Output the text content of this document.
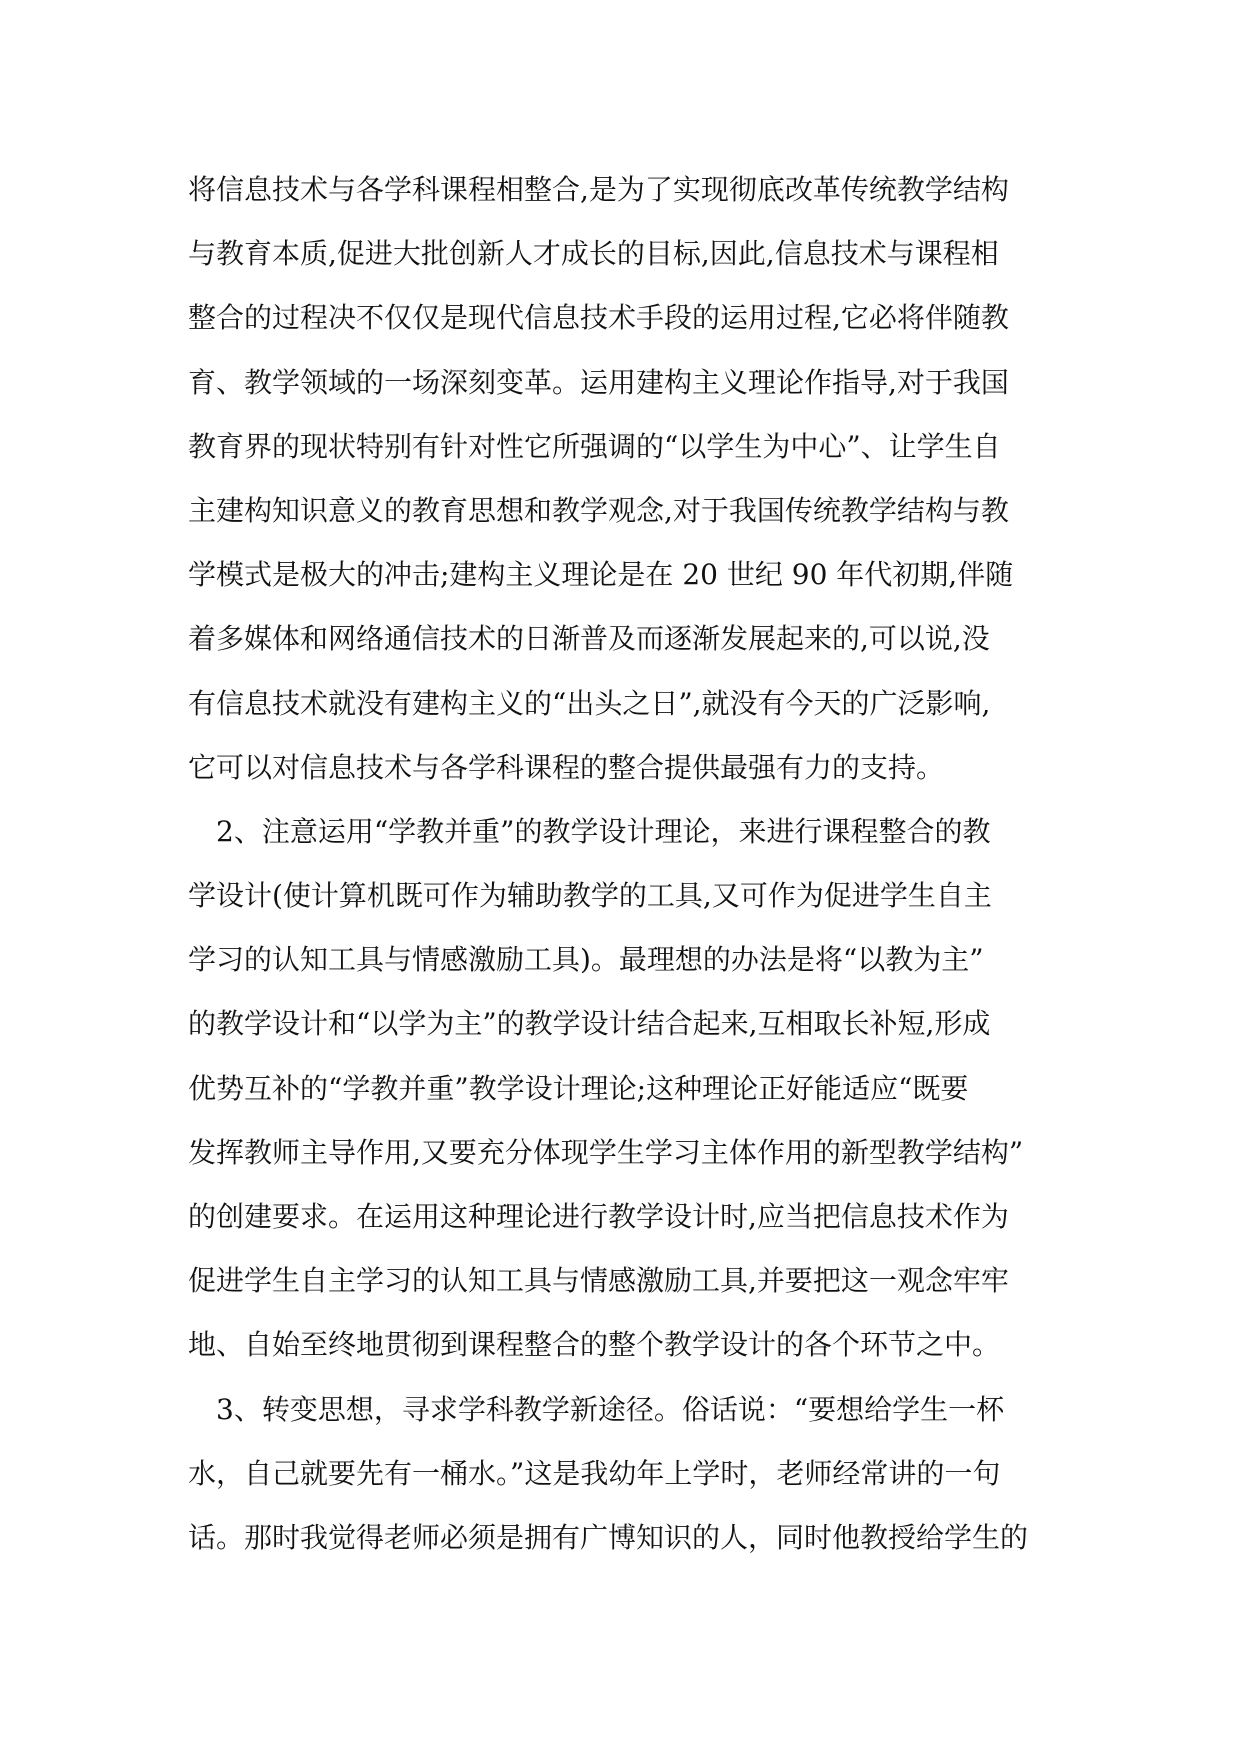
将信息技术与各学科课程相整合,是为了实现彻底改革传统教学结构
与教育本质,促进大批创新人才成长的目标,因此,信息技术与课程相
整合的过程决不仅仅是现代信息技术手段的运用过程,它必将伴随教
育、教学领域的一场深刻变革。运用建构主义理论作指导,对于我国
教育界的现状特别有针对性它所强调的“以学生为中心”、让学生自
主建构知识意义的教育思想和教学观念,对于我国传统教学结构与教
学模式是极大的冲击;建构主义理论是在 20 世纪 90 年代初期,伴随
着多媒体和网络通信技术的日渐普及而逐渐发展起来的,可以说,没
有信息技术就没有建构主义的“出头之日”,就没有今天的广泛影响,
它可以对信息技术与各学科课程的整合提供最强有力的支持。
　2、注意运用“学教并重”的教学设计理论，来进行课程整合的教
学设计(使计算机既可作为辅助教学的工具,又可作为促进学生自主
学习的认知工具与情感激励工具)。最理想的办法是将“以教为主”
的教学设计和“以学为主”的教学设计结合起来,互相取长补短,形成
优势互补的“学教并重”教学设计理论;这种理论正好能适应“既要
发挥教师主导作用,又要充分体现学生学习主体作用的新型教学结构”
的创建要求。在运用这种理论进行教学设计时,应当把信息技术作为
促进学生自主学习的认知工具与情感激励工具,并要把这一观念牢牢
地、自始至终地贯彻到课程整合的整个教学设计的各个环节之中。
　3、转变思想，寻求学科教学新途径。俗话说：“要想给学生一杯
水，自己就要先有一桶水。”这是我幼年上学时，老师经常讲的一句
话。那时我觉得老师必须是拥有广博知识的人，同时他教授给学生的
